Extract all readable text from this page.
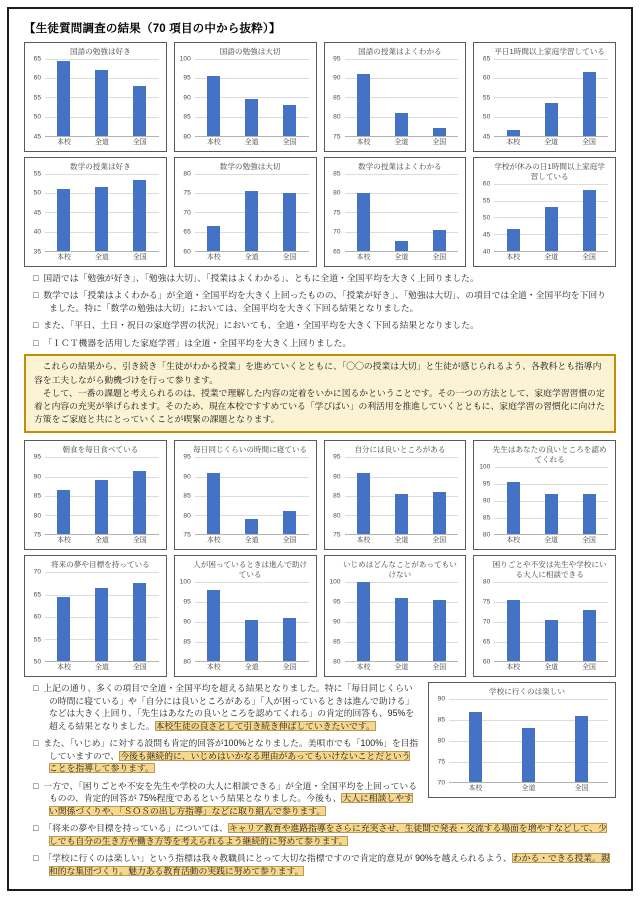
【生徒質問調査の結果（70 項目の中から抜粋）】
国語の勉強は好き
65
60
55
50
45
本校	全道	全国
国語の勉強は大切
100
95
90
85
80
本校	全道	全国
国語の授業はよくわかる
95
90
85
80
75
本校	全道	全国
平日1時間以上家庭学習している
65
60
55
50
45
本校	全道	全国
数学の授業は好き
55
50
45
40
35
本校	全道	全国
数学の勉強は大切
80
75
70
65
60
本校	全道	全国
数学の授業はよくわかる
85
80
75
70
65
本校	全道	全国
学校が休みの日1時間以上家庭学習している
60
55
50
45
40
本校	全道	全国
□ 国語では「勉強が好き」、「勉強は大切」、「授業はよくわかる」、ともに全道・全国平均を大きく上回りました。
□ 数学では「授業はよくわかる」が全道・全国平均を大きく上回ったものの、「授業が好き」、「勉強は大切」、の項目では全道・全国平均を下回りました。特に「数学の勉強は大切」においては、全国平均を大きく下回る結果となりました。
□ また、「平日、土日・祝日の家庭学習の状況」においても、全道・全国平均を大きく下回る結果となりました。
□ 「ＩＣＴ機器を活用した家庭学習」は全道・全国平均を大きく上回りました。

これらの結果から、引き続き「生徒がわかる授業」を進めていくとともに、「〇〇の授業は大切」と生徒が感じられるよう、各教科とも指導内容を工夫しながら動機づけを行って参ります。

そして、一番の課題と考えられるのは、授業で理解した内容の定着をいかに図るかということです。その一つの方法として、家庭学習習慣の定着と内容の充実が挙げられます。そのため、現在本校ですすめている「学びばい」の利活用を推進していくとともに、家庭学習の習慣化に向けた方策をご家庭と共にとっていくことが喫緊の課題となります。

朝食を毎日食べている
95
90
85
80
75
本校	全道	全国
毎日同じくらいの時間に寝ている
95
90
85
80
75
本校	全道	全国
自分には良いところがある
95
90
85
80
75
本校	全道	全国
先生はあなたの良いところを認めてくれる
100
95
90
85
80
本校	全道	全国
将来の夢や目標を持っている
70
65
60
55
50
本校	全道	全国
人が困っているときは進んで助けている
100
95
90
85
80
本校	全道	全国
いじめはどんなことがあってもいけない
100
95
90
85
80
本校	全道	全国
困りごとや不安は先生や学校にいる大人に相談できる
80
75
70
65
60
本校	全道	全国
学校に行くのは楽しい
90
85
80
75
70
本校	全道	全国
□ 上記の通り、多くの項目で全道・全国平均を超える結果となりました。特に「毎日同じくらいの時間に寝ている」や「自分には良いところがある」「人が困っているときは進んで助ける」などは大きく上回り、「先生はあなたの良いところを認めてくれる」の肯定的回答も、95%を超える結果となりました。本校生徒の良さとして引き続き伸ばしていきたいです。
□ また、「いじめ」に対する設問も肯定的回答が100%となりました。美唄市でも「100%」を目指していますので、今後も継続的に、いじめはいかなる理由があってもいけないことだということを指導して参ります。
□ 一方で、「困りごとや不安を先生や学校の大人に相談できる」が全道・全国平均を上回っているものの、肯定的回答が 75%程度であるという結果となりました。今後も、大人に相談しやすい関係づくりや、「ＳＯＳの出し方指導」などに取り組んで参ります。
□ 「将来の夢や目標を持っている」については、キャリア教育や進路指導をさらに充実させ、生徒間で発表・交流する場面を増やすなどして、少しでも自分の生き方や働き方等を考えられるよう継続的に努めて参ります。
□ 「学校に行くのは楽しい」という指標は我々教職員にとって大切な指標ですので肯定的意見が 90%を越えられるよう、わかる・できる授業。親和的な集団づくり。魅力ある教育活動の実践に努めて参ります。
